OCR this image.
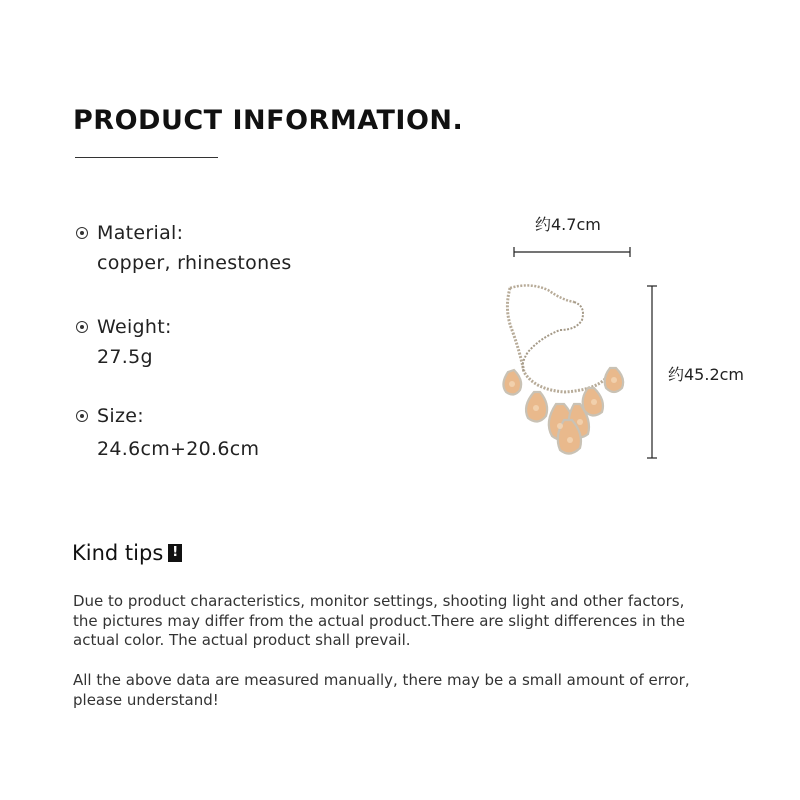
PRODUCT INFORMATION.
Material:
copper, rhinestones
Weight:
27.5g
Size:
24.6cm+20.6cm
约4.7cm
约45.2cm
Kind tips !
Due to product characteristics, monitor settings, shooting light and other factors, the pictures may differ from the actual product.There are slight differences in the actual color. The actual product shall prevail.
All the above data are measured manually, there may be a small amount of error, please understand!
